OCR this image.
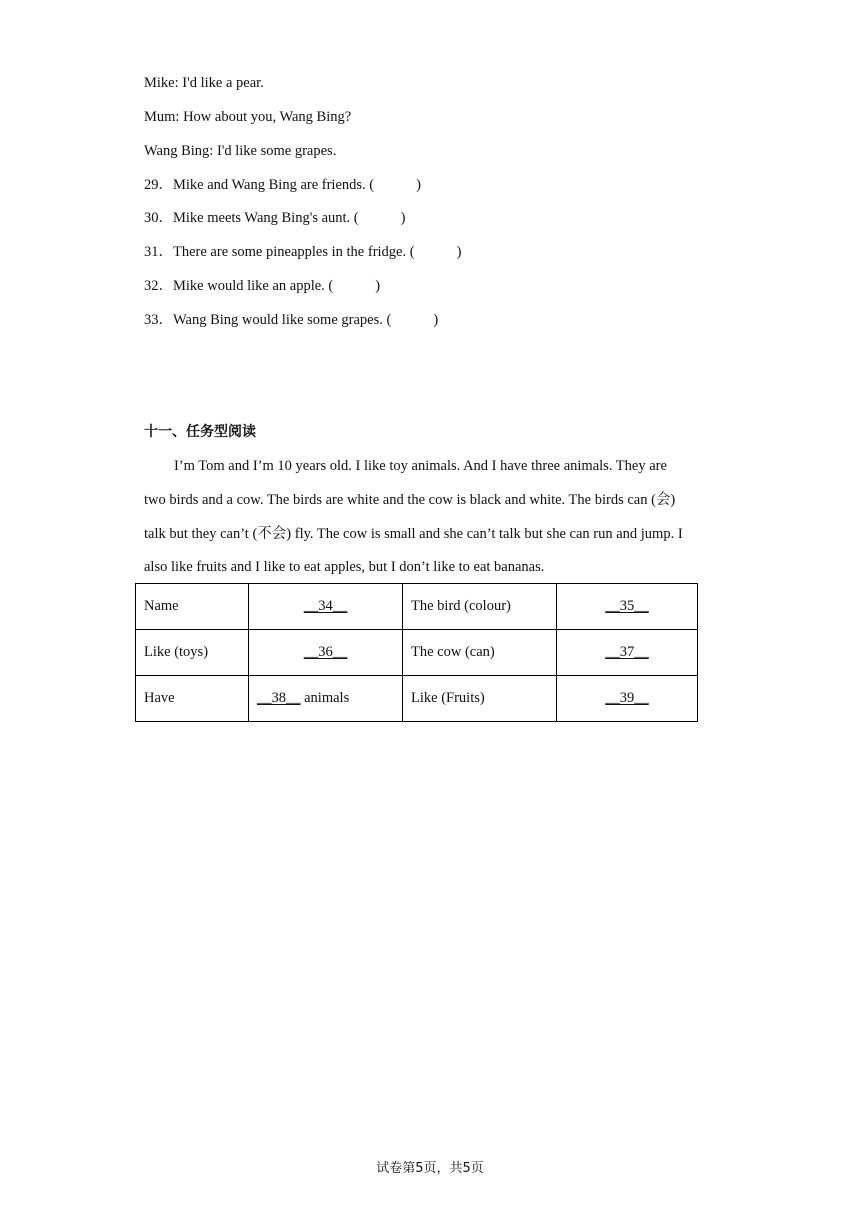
Mike: I'd like a pear.
Mum: How about you, Wang Bing?
Wang Bing: I'd like some grapes.
29．Mike and Wang Bing are friends. (	)
30．Mike meets Wang Bing's aunt. (	)
31．There are some pineapples in the fridge. (	)
32．Mike would like an apple. (	)
33．Wang Bing would like some grapes. (	)
十一、任务型阅读
I’m Tom and I’m 10 years old. I like toy animals. And I have three animals. They are
two birds and a cow. The birds are white and the cow is black and white. The birds can (会)
talk but they can’t (不会) fly. The cow is small and she can’t talk but she can run and jump. I
also like fruits and I like to eat apples, but I don’t like to eat bananas.
Name	__34__	The bird (colour)	__35__
Like (toys)	__36__	The cow (can)	__37__
Have	__38__ animals	Like (Fruits)	__39__
试卷第5页，共5页
